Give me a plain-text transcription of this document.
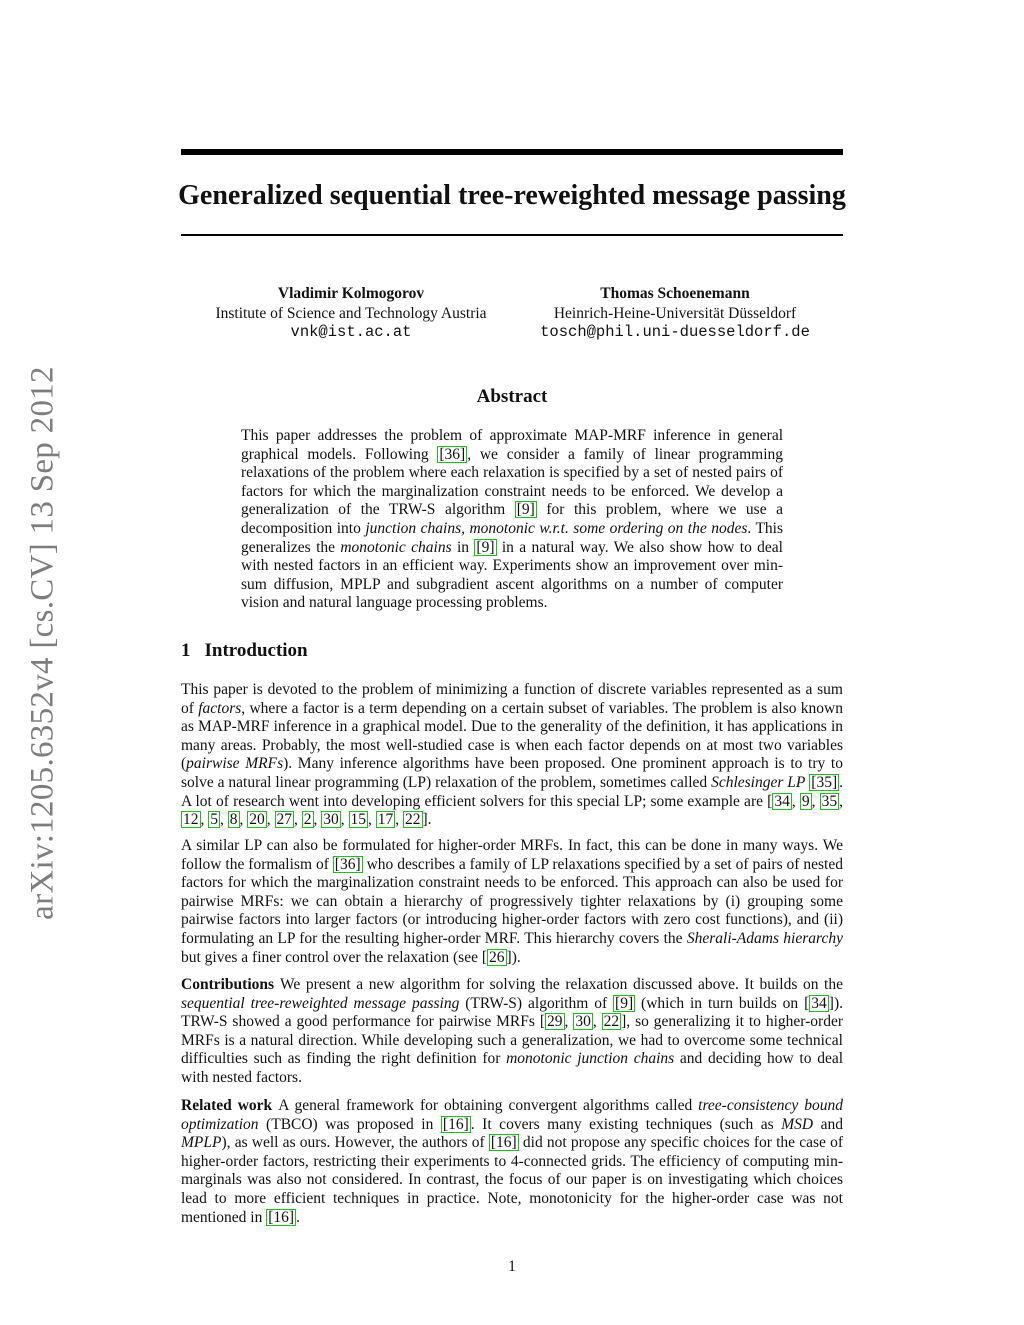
arXiv:1205.6352v4 [cs.CV] 13 Sep 2012
Generalized sequential tree-reweighted message passing
Vladimir Kolmogorov
Institute of Science and Technology Austria
vnk@ist.ac.at
Thomas Schoenemann
Heinrich-Heine-Universität Düsseldorf
tosch@phil.uni-duesseldorf.de
Abstract

This paper addresses the problem of approximate MAP-MRF inference in general graphical models. Following [36] , we consider a family of linear programming relaxations of the problem where each relaxation is specified by a set of nested pairs of factors for which the marginalization constraint needs to be enforced. We develop a generalization of the TRW-S algorithm [9] for this problem, where we use a decomposition into junction chains, monotonic w.r.t. some ordering on the nodes. This generalizes the monotonic chains in [9] in a natural way. We also show how to deal with nested factors in an efficient way. Experiments show an improvement over min-sum diffusion, MPLP and subgradient ascent algorithms on a number of computer vision and natural language processing problems.

1 Introduction

This paper is devoted to the problem of minimizing a function of discrete variables represented as a sum of factors, where a factor is a term depending on a certain subset of variables. The problem is also known as MAP-MRF inference in a graphical model. Due to the generality of the definition, it has applications in many areas. Probably, the most well-studied case is when each factor depends on at most two variables (pairwise MRFs). Many inference algorithms have been proposed. One prominent approach is to try to solve a natural linear programming (LP) relaxation of the problem, sometimes called Schlesinger LP [35] . A lot of research went into developing efficient solvers for this special LP; some example are [ 34 , 9 , 35 , 12 , 5 , 8 , 20 , 27 , 2 , 30 , 15 , 17 , 22 ].

A similar LP can also be formulated for higher-order MRFs. In fact, this can be done in many ways. We follow the formalism of [36] who describes a family of LP relaxations specified by a set of pairs of nested factors for which the marginalization constraint needs to be enforced. This approach can also be used for pairwise MRFs: we can obtain a hierarchy of progressively tighter relaxations by (i) grouping some pairwise factors into larger factors (or introducing higher-order factors with zero cost functions), and (ii) formulating an LP for the resulting higher-order MRF. This hierarchy covers the Sherali-Adams hierarchy but gives a finer control over the relaxation (see [ 26 ]).

Contributions We present a new algorithm for solving the relaxation discussed above. It builds on the sequential tree-reweighted message passing (TRW-S) algorithm of [9] (which in turn builds on [ 34 ]). TRW-S showed a good performance for pairwise MRFs [ 29 , 30 , 22 ], so generalizing it to higher-order MRFs is a natural direction. While developing such a generalization, we had to overcome some technical difficulties such as finding the right definition for monotonic junction chains and deciding how to deal with nested factors.

Related work A general framework for obtaining convergent algorithms called tree-consistency bound optimization (TBCO) was proposed in [16] . It covers many existing techniques (such as MSD and MPLP), as well as ours. However, the authors of [16] did not propose any specific choices for the case of higher-order factors, restricting their experiments to 4-connected grids. The efficiency of computing min-marginals was also not considered. In contrast, the focus of our paper is on investigating which choices lead to more efficient techniques in practice. Note, monotonicity for the higher-order case was not mentioned in [16] .

1
